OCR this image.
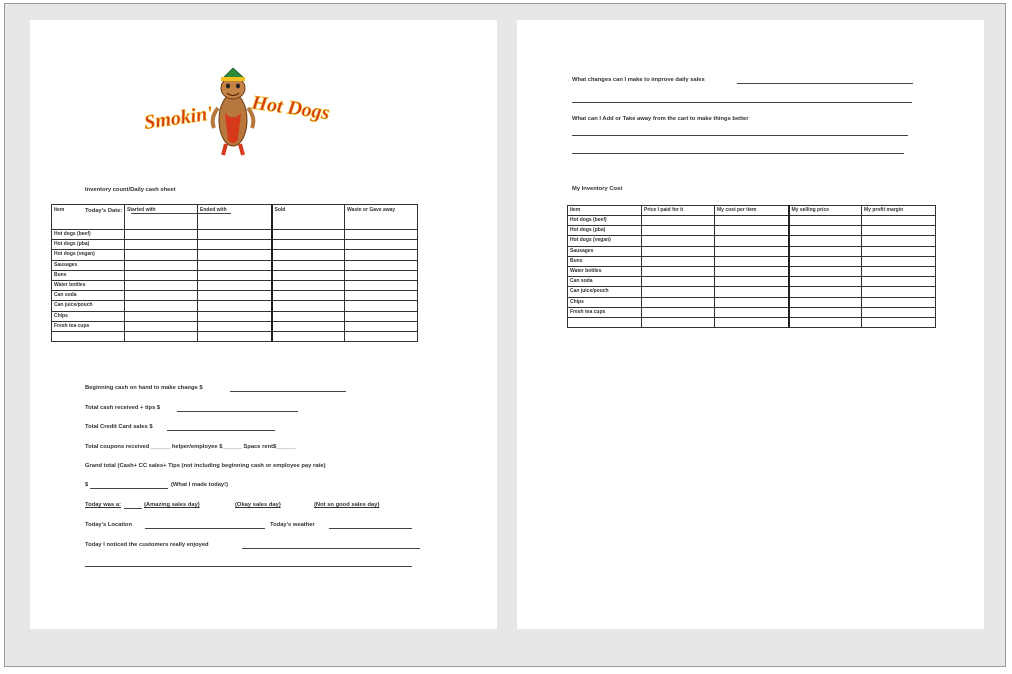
Smokin' Hot Dogs
Inventory count/Daily cash sheet
Today's Date:
Item	Started with	Ended with	Sold	Waste or Gave away
Hot dogs (beef)				
Hot dogs (pba)				
Hot dogs (vegan)				
Sausages				
Buns				
Water bottles				
Can soda				
Can juice/pouch				
Chips				
Fresh tea cups				

Beginning cash on hand to make change $
Total cash received + tips $
Total Credit Card sales $
Total coupons received ______ helper/employee $______ Space rent$______
Grand total (Cash+ CC sales+ Tips (not including beginning cash or employee pay rate)
$	(What I made today!)
Today was a:	(Amazing sales day)	(Okay sales day)	(Not so good sales day)
Today's Location	Today's weather
Today I noticed the customers really enjoyed
What changes can I make to improve daily sales
What can I Add or Take away from the cart to make things better
My Inventory Cost
Item	Price I paid for it	My cost per item	My selling price	My profit margin
Hot dogs (beef)				
Hot dogs (pba)				
Hot dogs (vegan)				
Sausages				
Buns				
Water bottles				
Can soda				
Can juice/pouch				
Chips				
Fresh tea cups				
